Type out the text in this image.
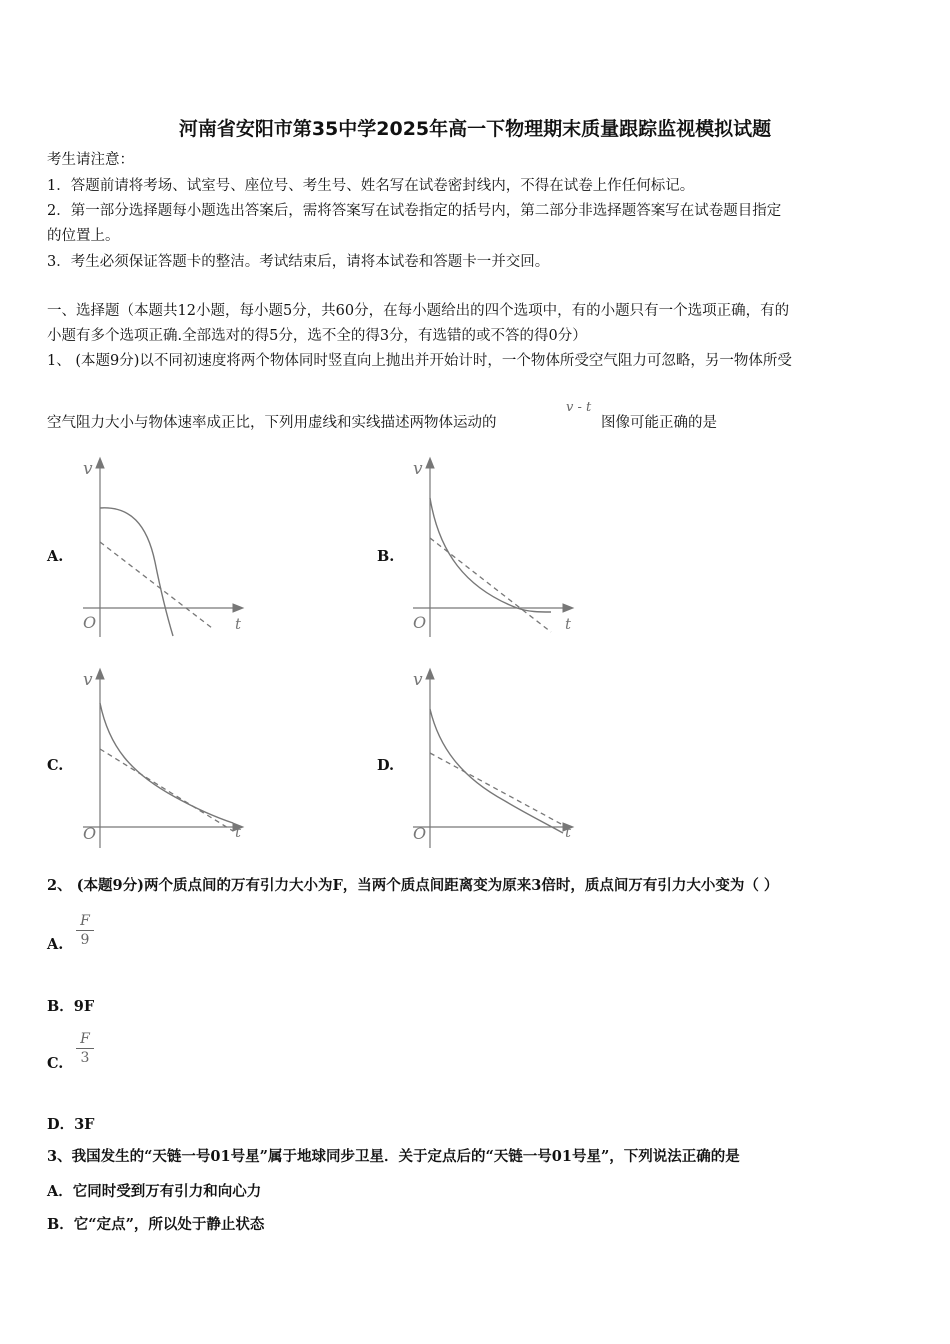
河南省安阳市第35中学2025年高一下物理期末质量跟踪监视模拟试题
考生请注意：
1．答题前请将考场、试室号、座位号、考生号、姓名写在试卷密封线内，不得在试卷上作任何标记。
2．第一部分选择题每小题选出答案后，需将答案写在试卷指定的括号内，第二部分非选择题答案写在试卷题目指定
的位置上。
3．考生必须保证答题卡的整洁。考试结束后，请将本试卷和答题卡一并交回。
一、选择题（本题共12小题，每小题5分，共60分，在每小题给出的四个选项中，有的小题只有一个选项正确，有的
小题有多个选项正确.全部选对的得5分，选不全的得3分，有选错的或不答的得0分）
1、 (本题9分)以不同初速度将两个物体同时竖直向上抛出并开始计时，一个物体所受空气阻力可忽略，另一物体所受
空气阻力大小与物体速率成正比，下列用虚线和实线描述两物体运动的
v - t
图像可能正确的是
A.
v
O	t
B.
v
O	t
C.
v
O	t
D.
v
O	t
2、 (本题9分)两个质点间的万有引力大小为F，当两个质点间距离变为原来3倍时，质点间万有引力大小变为（ ）
A.
F
9
B．9F
C.
F
3
D．3F
3、我国发生的“天链一号01号星”属于地球同步卫星．关于定点后的“天链一号01号星”，下列说法正确的是
A．它同时受到万有引力和向心力
B．它“定点”，所以处于静止状态
